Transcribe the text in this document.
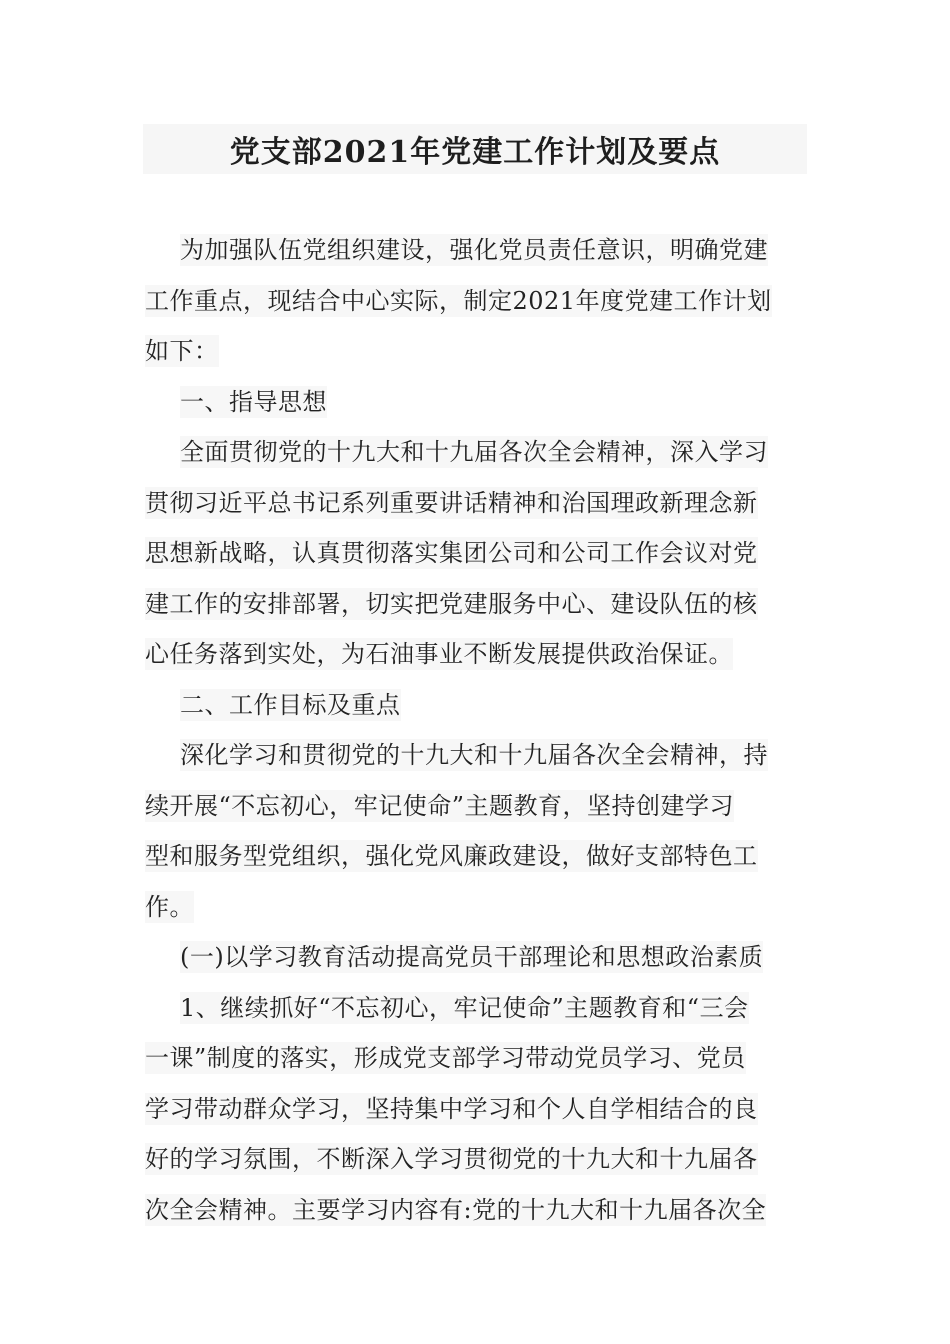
党支部2021年党建工作计划及要点
为加强队伍党组织建设，强化党员责任意识，明确党建
工作重点，现结合中心实际，制定2021年度党建工作计划
如下：
一、指导思想
全面贯彻党的十九大和十九届各次全会精神，深入学习
贯彻习近平总书记系列重要讲话精神和治国理政新理念新
思想新战略，认真贯彻落实集团公司和公司工作会议对党
建工作的安排部署，切实把党建服务中心、建设队伍的核
心任务落到实处，为石油事业不断发展提供政治保证。
二、工作目标及重点
深化学习和贯彻党的十九大和十九届各次全会精神，持
续开展“不忘初心，牢记使命”主题教育，坚持创建学习
型和服务型党组织，强化党风廉政建设，做好支部特色工
作。
(一)以学习教育活动提高党员干部理论和思想政治素质
1、继续抓好“不忘初心，牢记使命”主题教育和“三会
一课”制度的落实，形成党支部学习带动党员学习、党员
学习带动群众学习，坚持集中学习和个人自学相结合的良
好的学习氛围，不断深入学习贯彻党的十九大和十九届各
次全会精神。主要学习内容有:党的十九大和十九届各次全
